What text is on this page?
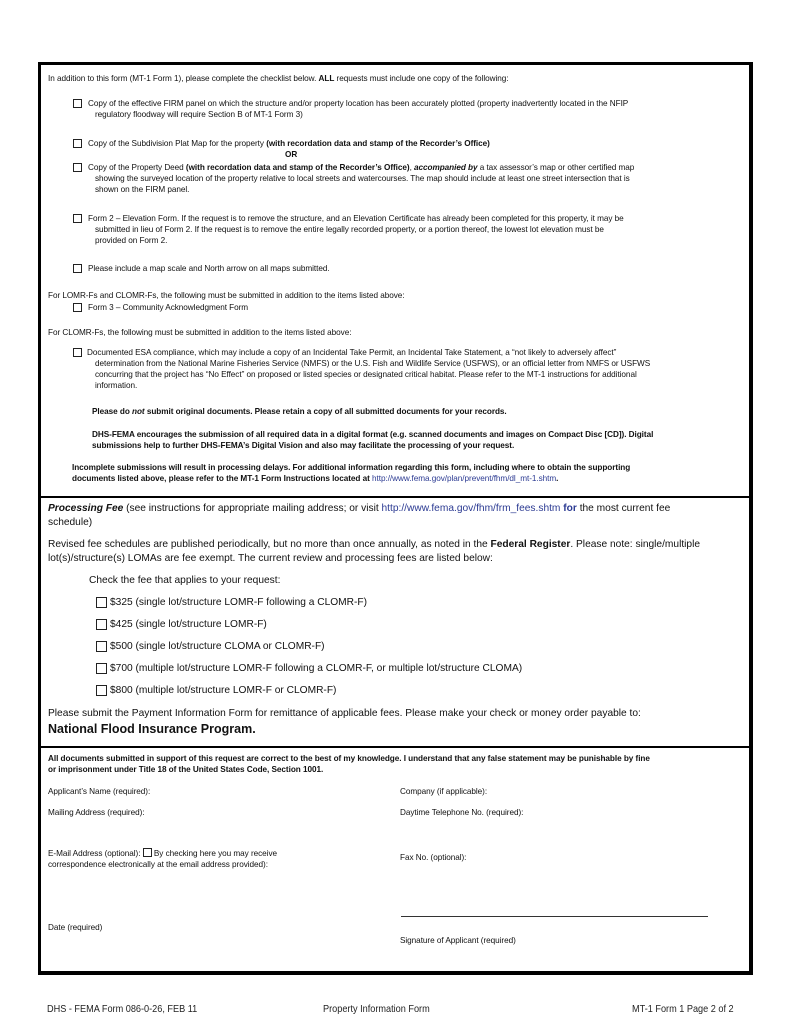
In addition to this form (MT-1 Form 1), please complete the checklist below. ALL requests must include one copy of the following:
Copy of the effective FIRM panel on which the structure and/or property location has been accurately plotted (property inadvertently located in the NFIP
regulatory floodway will require Section B of MT-1 Form 3)
Copy of the Subdivision Plat Map for the property (with recordation data and stamp of the Recorder’s Office)
OR
Copy of the Property Deed (with recordation data and stamp of the Recorder’s Office), accompanied by a tax assessor’s map or other certified map
showing the surveyed location of the property relative to local streets and watercourses. The map should include at least one street intersection that is
shown on the FIRM panel.
Form 2 – Elevation Form. If the request is to remove the structure, and an Elevation Certificate has already been completed for this property, it may be
submitted in lieu of Form 2. If the request is to remove the entire legally recorded property, or a portion thereof, the lowest lot elevation must be
provided on Form 2.
Please include a map scale and North arrow on all maps submitted.
For LOMR-Fs and CLOMR-Fs, the following must be submitted in addition to the items listed above:
Form 3 – Community Acknowledgment Form
For CLOMR-Fs, the following must be submitted in addition to the items listed above:
Documented ESA compliance, which may include a copy of an Incidental Take Permit, an Incidental Take Statement, a “not likely to adversely affect”
determination from the National Marine Fisheries Service (NMFS) or the U.S. Fish and Wildlife Service (USFWS), or an official letter from NMFS or USFWS
concurring that the project has “No Effect” on proposed or listed species or designated critical habitat. Please refer to the MT-1 instructions for additional
information.
Please do not submit original documents. Please retain a copy of all submitted documents for your records.
DHS-FEMA encourages the submission of all required data in a digital format (e.g. scanned documents and images on Compact Disc [CD]). Digital
submissions help to further DHS-FEMA’s Digital Vision and also may facilitate the processing of your request.
Incomplete submissions will result in processing delays. For additional information regarding this form, including where to obtain the supporting
documents listed above, please refer to the MT-1 Form Instructions located at http://www.fema.gov/plan/prevent/fhm/dl_mt-1.shtm.
Processing Fee (see instructions for appropriate mailing address; or visit http://www.fema.gov/fhm/frm_fees.shtm for the most current fee
schedule)
Revised fee schedules are published periodically, but no more than once annually, as noted in the Federal Register. Please note: single/multiple
lot(s)/structure(s) LOMAs are fee exempt. The current review and processing fees are listed below:
Check the fee that applies to your request:
$325 (single lot/structure LOMR-F following a CLOMR-F)
$425 (single lot/structure LOMR-F)
$500 (single lot/structure CLOMA or CLOMR-F)
$700 (multiple lot/structure LOMR-F following a CLOMR-F, or multiple lot/structure CLOMA)
$800 (multiple lot/structure LOMR-F or CLOMR-F)
Please submit the Payment Information Form for remittance of applicable fees. Please make your check or money order payable to:
National Flood Insurance Program.
All documents submitted in support of this request are correct to the best of my knowledge. I understand that any false statement may be punishable by fine
or imprisonment under Title 18 of the United States Code, Section 1001.
Applicant’s Name (required):	Company (if applicable):
Mailing Address (required):	Daytime Telephone No. (required):
E-Mail Address (optional):  By checking here you may receive
correspondence electronically at the email address provided):
Fax No. (optional):
Date (required)
Signature of Applicant (required)
DHS - FEMA Form 086-0-26, FEB 11	Property Information Form	MT-1 Form 1 Page 2 of 2
